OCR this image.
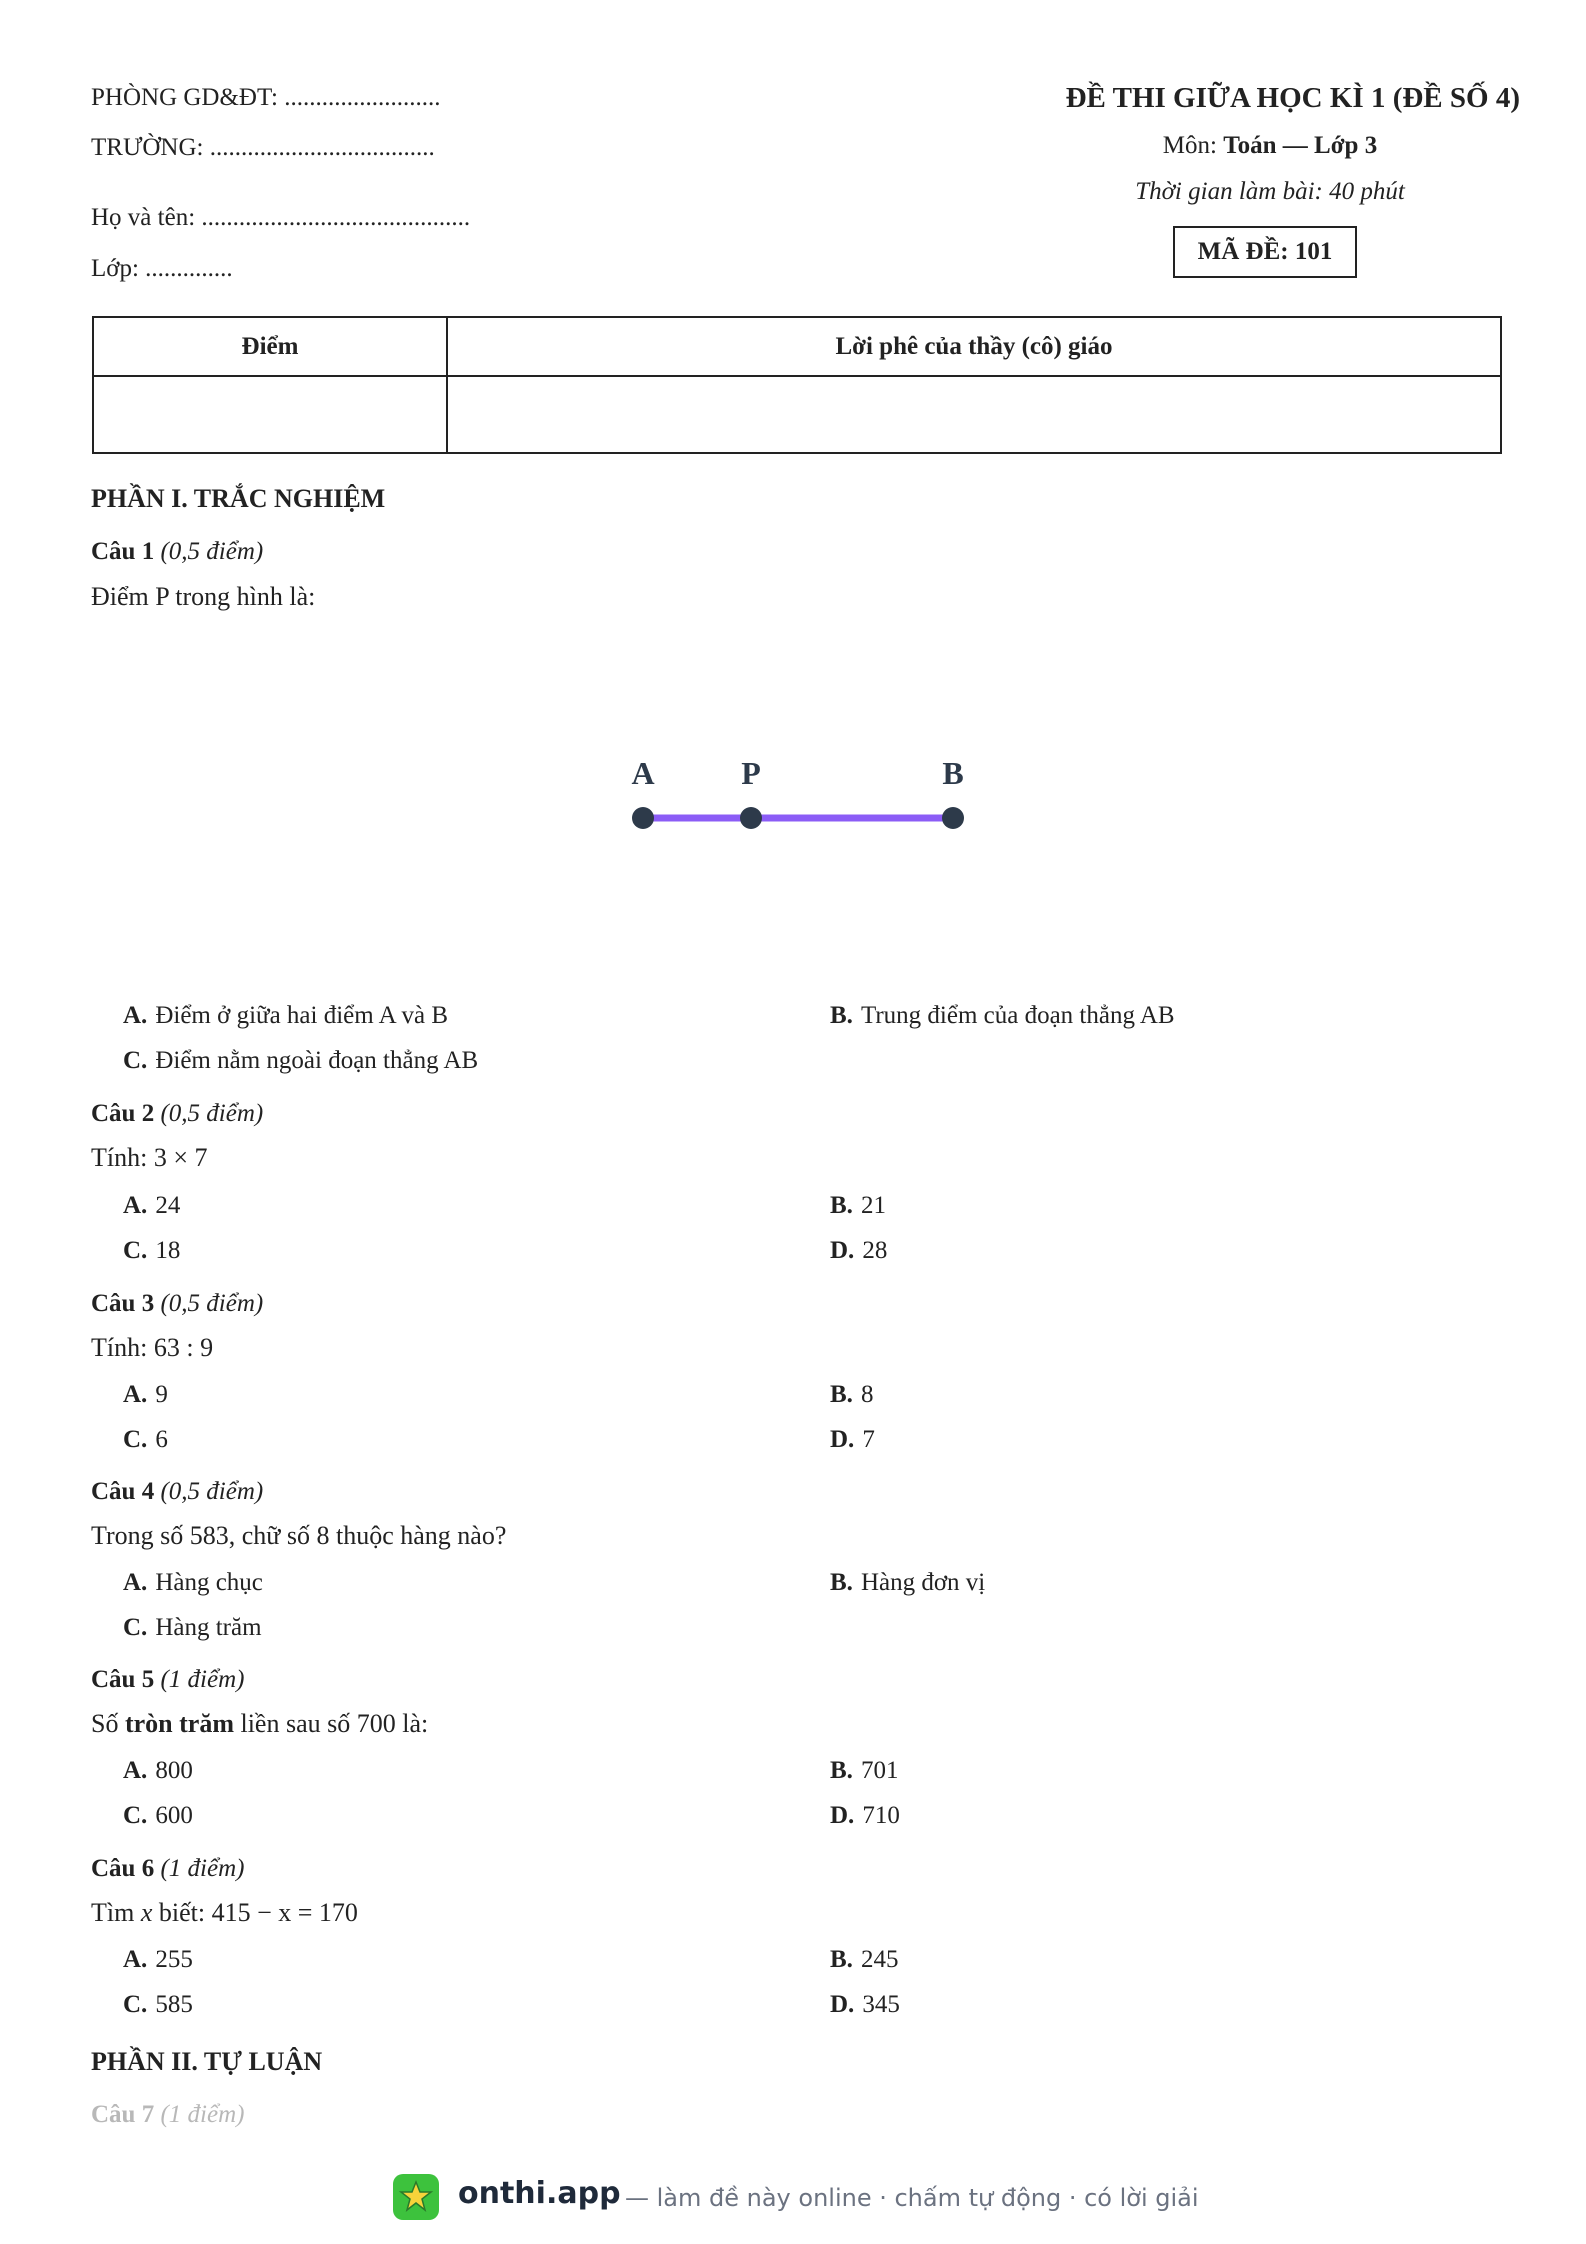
PHÒNG GD&ĐT: .........................
TRƯỜNG: ....................................
Họ và tên: ...........................................
Lớp: ..............
ĐỀ THI GIỮA HỌC KÌ 1 (ĐỀ SỐ 4)
Môn: Toán — Lớp 3
Thời gian làm bài: 40 phút
MÃ ĐỀ: 101
Điểm	Lời phê của thầy (cô) giáo

PHẦN I. TRẮC NGHIỆM
Câu 1 (0,5 điểm)
Điểm P trong hình là:
A	P	B
A. Điểm ở giữa hai điểm A và B	B. Trung điểm của đoạn thẳng AB
C. Điểm nằm ngoài đoạn thẳng AB
Câu 2 (0,5 điểm)
Tính: 3 × 7
A. 24	B. 21
C. 18	D. 28
Câu 3 (0,5 điểm)
Tính: 63 : 9
A. 9	B. 8
C. 6	D. 7
Câu 4 (0,5 điểm)
Trong số 583, chữ số 8 thuộc hàng nào?
A. Hàng chục	B. Hàng đơn vị
C. Hàng trăm
Câu 5 (1 điểm)
Số tròn trăm liền sau số 700 là:
A. 800	B. 701
C. 600	D. 710
Câu 6 (1 điểm)
Tìm x biết: 415 − x = 170
A. 255	B. 245
C. 585	D. 345
PHẦN II. TỰ LUẬN
Câu 7 (1 điểm)
onthi.app — làm đề này online · chấm tự động · có lời giải
